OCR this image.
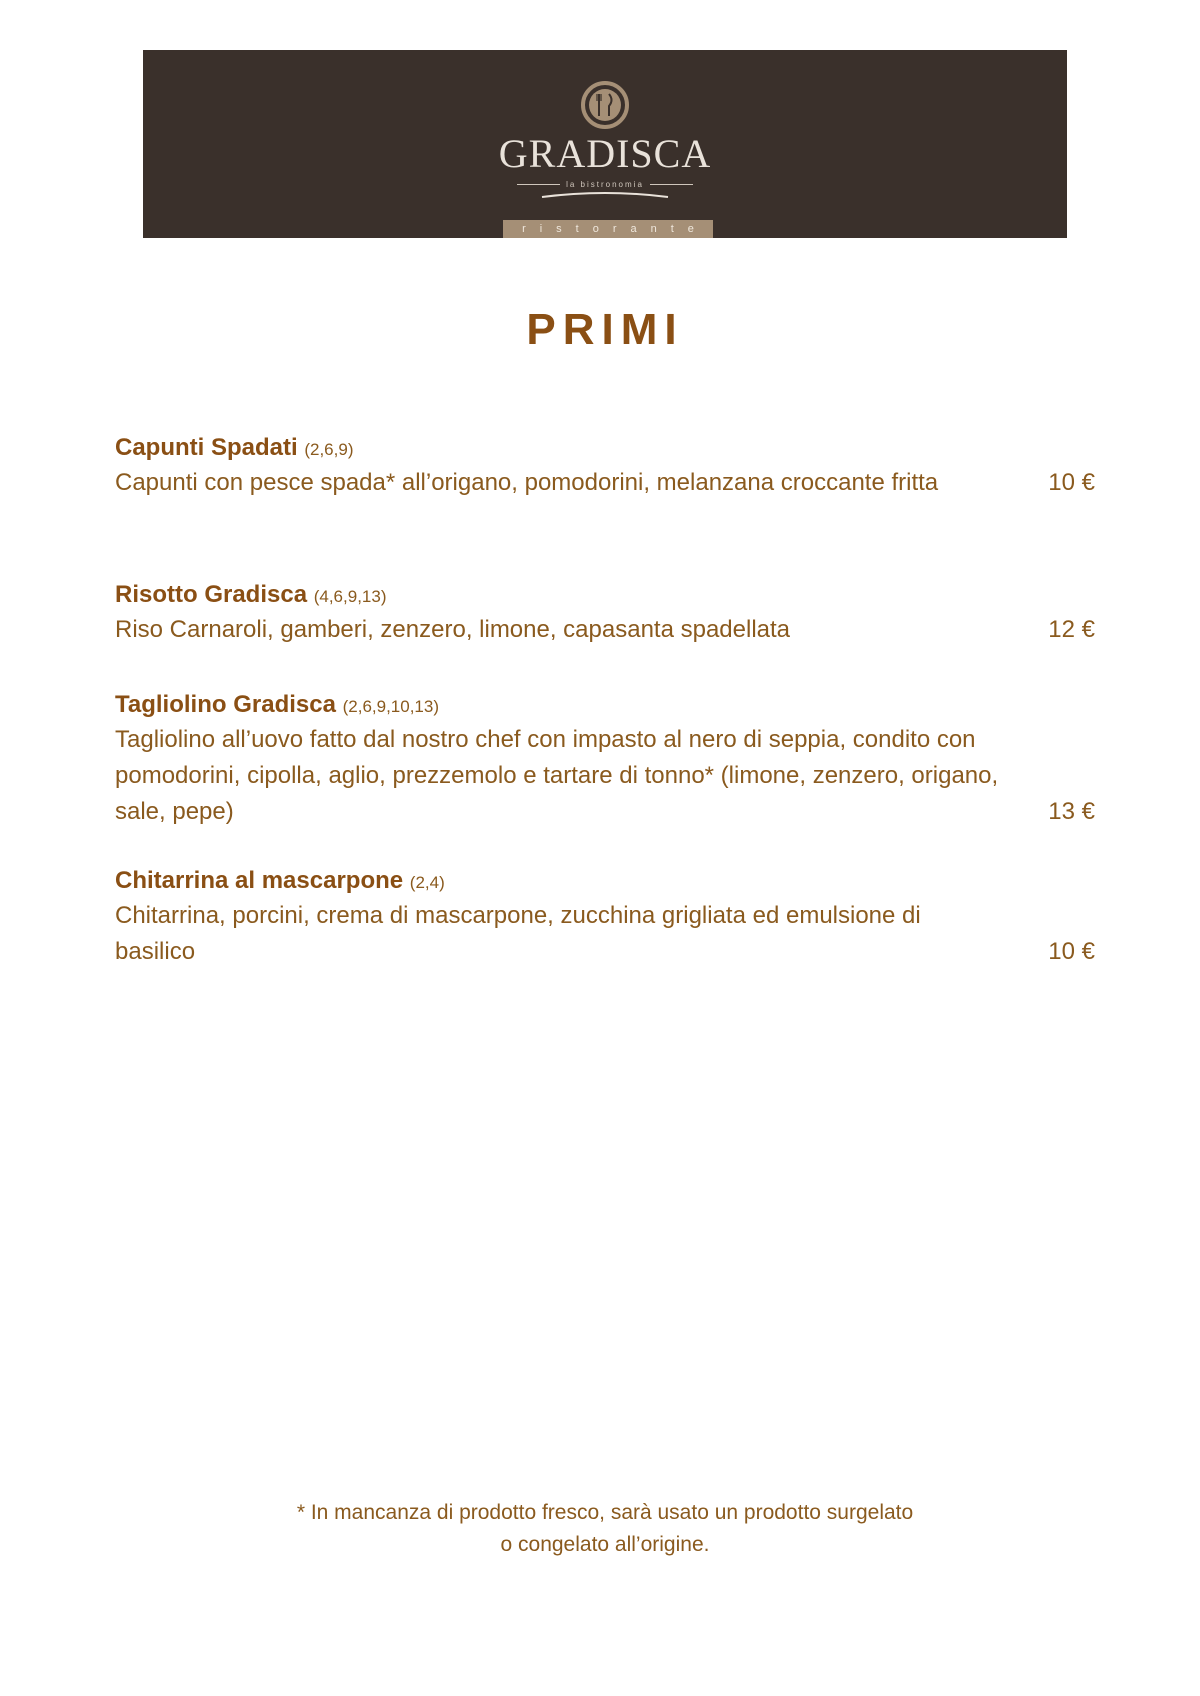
GRADISCA
la bistronomia
ristorante
PRIMI
Capunti Spadati (2,6,9)
Capunti con pesce spada* all’origano, pomodorini, melanzana croccante fritta	10 €
Risotto Gradisca (4,6,9,13)
Riso Carnaroli, gamberi, zenzero, limone, capasanta spadellata	12 €
Tagliolino Gradisca (2,6,9,10,13)
Tagliolino all’uovo fatto dal nostro chef con impasto al nero di seppia, condito con pomodorini, cipolla, aglio, prezzemolo e tartare di tonno* (limone, zenzero, origano, sale, pepe)	13 €
Chitarrina al mascarpone (2,4)
Chitarrina, porcini, crema di mascarpone, zucchina grigliata ed emulsione di basilico	10 €
* In mancanza di prodotto fresco, sarà usato un prodotto surgelato
o congelato all’origine.
